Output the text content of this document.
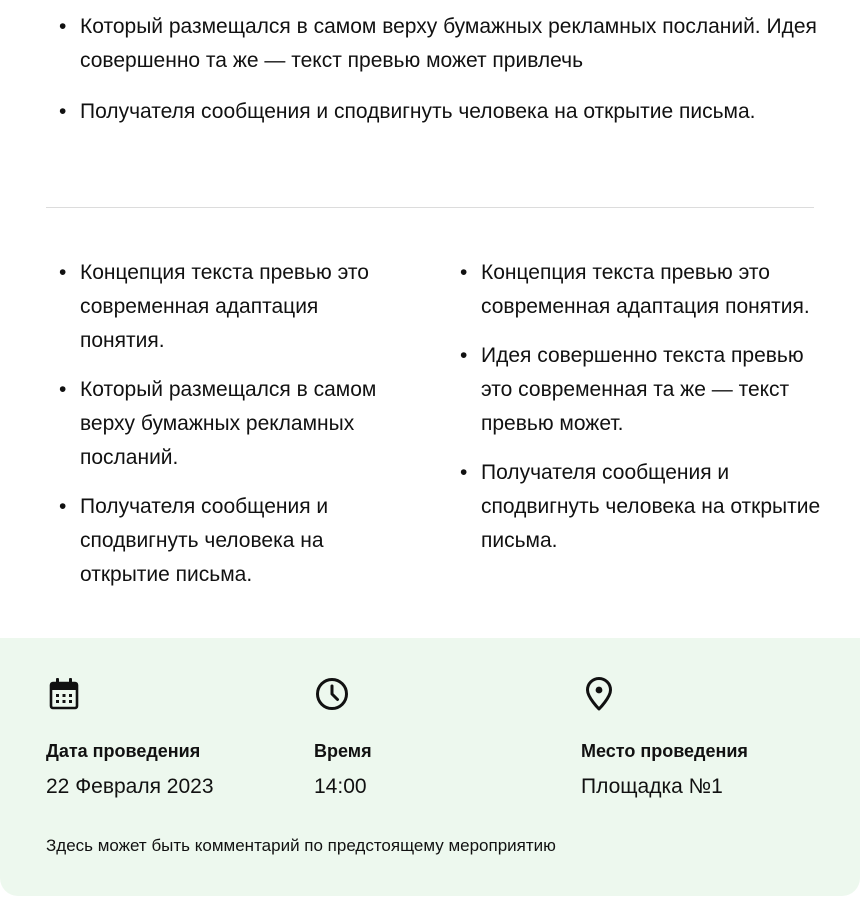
• Который размещался в самом верху бумажных рекламных посланий. Идея совершенно та же — текст превью может привлечь
• Получателя сообщения и сподвигнуть человека на открытие письма.
• Концепция текста превью это современная адаптация понятия.
• Который размещался в самом верху бумажных рекламных посланий.
• Получателя сообщения и сподвигнуть человека на открытие письма.
• Концепция текста превью это современная адаптация понятия.
• Идея совершенно текста превью это современная та же — текст превью может.
• Получателя сообщения и сподвигнуть человека на открытие письма.
Дата проведения
22 Февраля 2023
Время
14:00
Место проведения
Площадка №1
Здесь может быть комментарий по предстоящему мероприятию
